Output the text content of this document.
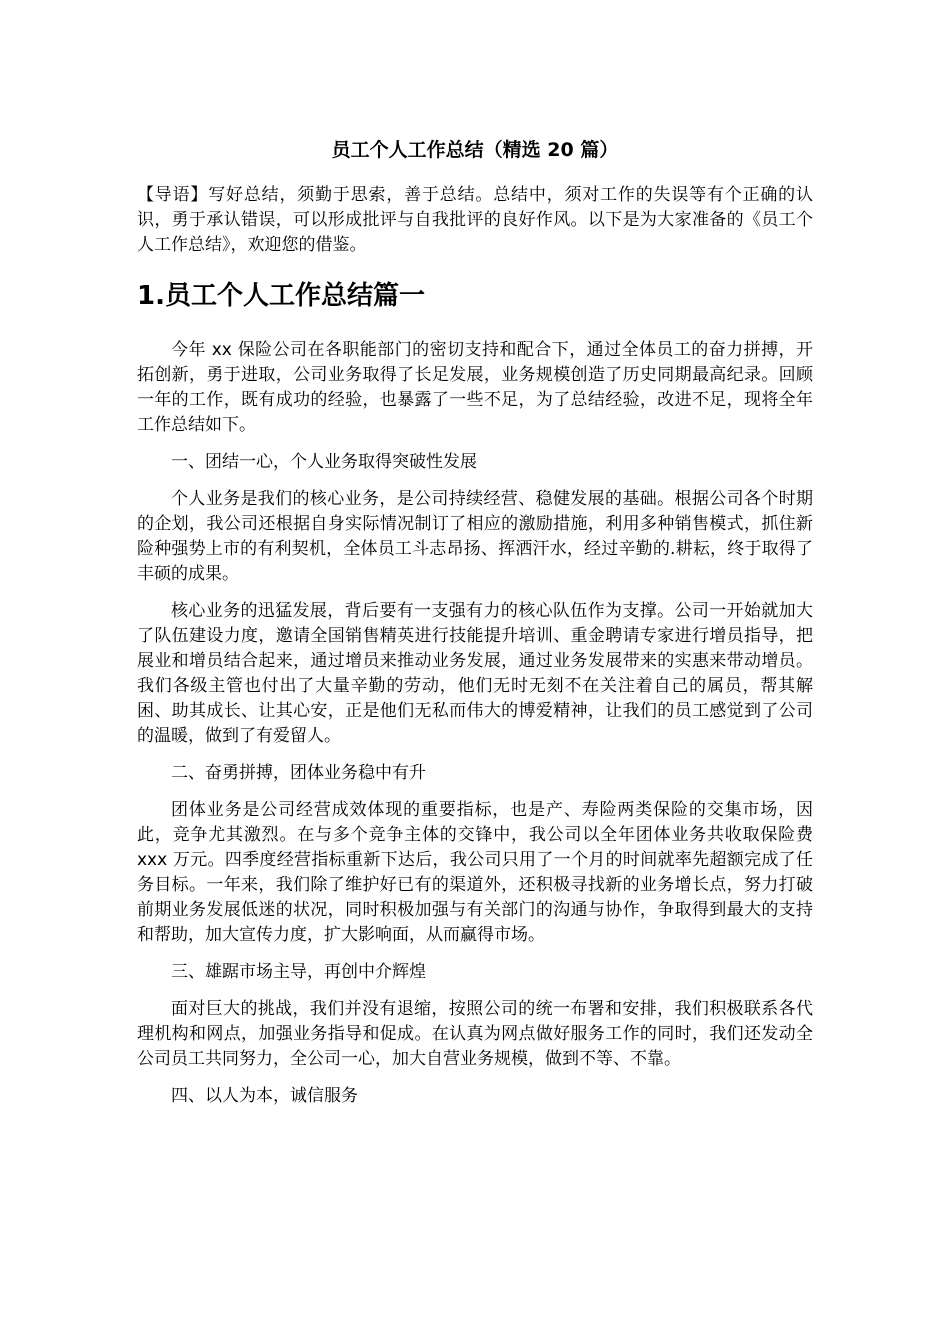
员工个人工作总结（精选 20 篇）

【导语】写好总结，须勤于思索，善于总结。总结中，须对工作的失误等有个正确的认识，勇于承认错误，可以形成批评与自我批评的良好作风。以下是为大家准备的《员工个人工作总结》，欢迎您的借鉴。

1.员工个人工作总结篇一

今年 xx 保险公司在各职能部门的密切支持和配合下，通过全体员工的奋力拼搏，开拓创新，勇于进取，公司业务取得了长足发展，业务规模创造了历史同期最高纪录。回顾一年的工作，既有成功的经验，也暴露了一些不足，为了总结经验，改进不足，现将全年工作总结如下。

一、团结一心，个人业务取得突破性发展

个人业务是我们的核心业务，是公司持续经营、稳健发展的基础。根据公司各个时期的企划，我公司还根据自身实际情况制订了相应的激励措施，利用多种销售模式，抓住新险种强势上市的有利契机，全体员工斗志昂扬、挥洒汗水，经过辛勤的.耕耘，终于取得了丰硕的成果。

核心业务的迅猛发展，背后要有一支强有力的核心队伍作为支撑。公司一开始就加大了队伍建设力度，邀请全国销售精英进行技能提升培训、重金聘请专家进行增员指导，把展业和增员结合起来，通过增员来推动业务发展，通过业务发展带来的实惠来带动增员。我们各级主管也付出了大量辛勤的劳动，他们无时无刻不在关注着自己的属员，帮其解困、助其成长、让其心安，正是他们无私而伟大的博爱精神，让我们的员工感觉到了公司的温暖，做到了有爱留人。

二、奋勇拼搏，团体业务稳中有升

团体业务是公司经营成效体现的重要指标，也是产、寿险两类保险的交集市场，因此，竞争尤其激烈。在与多个竞争主体的交锋中，我公司以全年团体业务共收取保险费 xxx 万元。四季度经营指标重新下达后，我公司只用了一个月的时间就率先超额完成了任务目标。一年来，我们除了维护好已有的渠道外，还积极寻找新的业务增长点，努力打破前期业务发展低迷的状况，同时积极加强与有关部门的沟通与协作，争取得到最大的支持和帮助，加大宣传力度，扩大影响面，从而赢得市场。

三、雄踞市场主导，再创中介辉煌

面对巨大的挑战，我们并没有退缩，按照公司的统一布署和安排，我们积极联系各代理机构和网点，加强业务指导和促成。在认真为网点做好服务工作的同时，我们还发动全公司员工共同努力，全公司一心，加大自营业务规模，做到不等、不靠。

四、以人为本，诚信服务
